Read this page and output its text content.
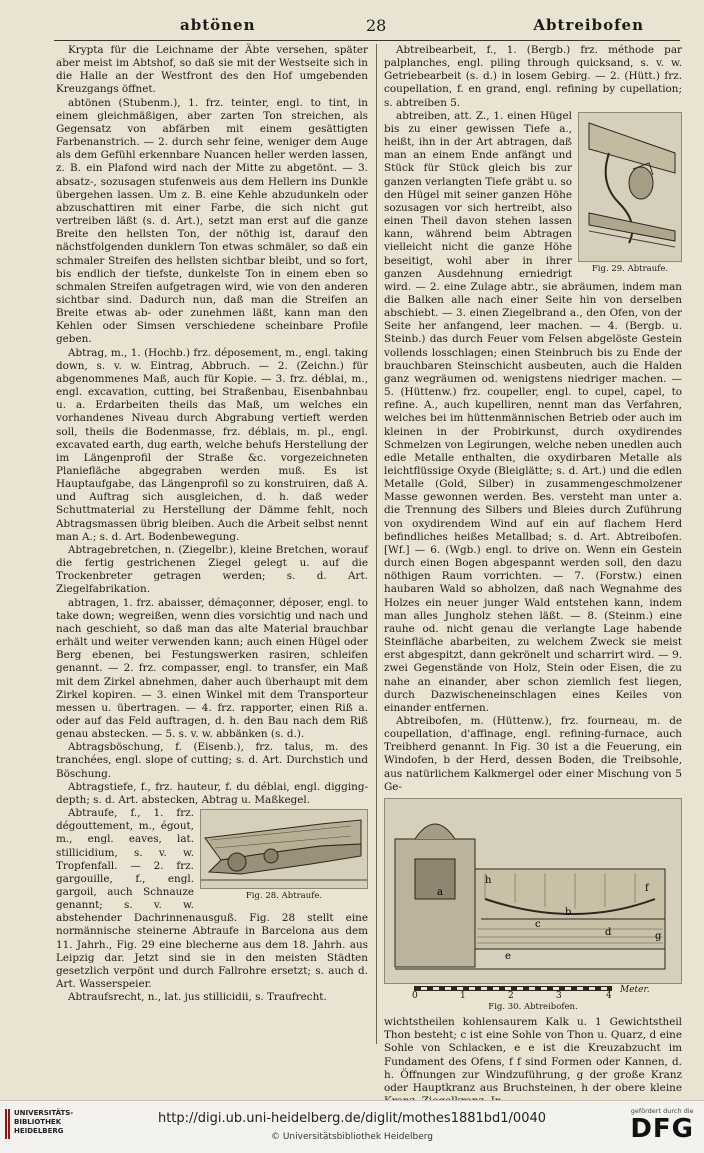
abtönen	28	Abtreibofen

Krypta für die Leichname der Äbte versehen, später aber meist im Abtshof, so daß sie mit der Westseite sich in die Halle an der Westfront des den Hof umgebenden Kreuzgangs öffnet.

abtönen (Stubenm.), 1. frz. teinter, engl. to tint, in einem gleichmäßigen, aber zarten Ton streichen, als Gegensatz von abfärben mit einem gesättigten Farbenanstrich. — 2. durch sehr feine, weniger dem Auge als dem Gefühl erkennbare Nuancen heller werden lassen, z. B. ein Plafond wird nach der Mitte zu abgetönt. — 3. absatz-, sozusagen stufenweis aus dem Hellern ins Dunkle übergehen lassen. Um z. B. eine Kehle abzudunkeln oder abzuschattiren mit einer Farbe, die sich nicht gut vertreiben läßt (s. d. Art.), setzt man erst auf die ganze Breite den hellsten Ton, der nöthig ist, darauf den nächstfolgenden dunklern Ton etwas schmäler, so daß ein schmaler Streifen des hellsten sichtbar bleibt, und so fort, bis endlich der tiefste, dunkelste Ton in einem eben so schmalen Streifen aufgetragen wird, wie von den anderen sichtbar sind. Dadurch nun, daß man die Streifen an Breite etwas ab- oder zunehmen läßt, kann man den Kehlen oder Simsen verschiedene scheinbare Profile geben.

Abtrag, m., 1. (Hochb.) frz. déposement, m., engl. taking down, s. v. w. Eintrag, Abbruch. — 2. (Zeichn.) für abgenommenes Maß, auch für Kopie. — 3. frz. déblai, m., engl. excavation, cutting, bei Straßenbau, Eisenbahnbau u. a. Erdarbeiten theils das Maß, um welches ein vorhandenes Niveau durch Abgrabung vertieft werden soll, theils die Bodenmasse, frz. déblais, m. pl., engl. excavated earth, dug earth, welche behufs Herstellung der im Längenprofil der Straße &c. vorgezeichneten Planiefläche abgegraben werden muß. Es ist Hauptaufgabe, das Längenprofil so zu konstruiren, daß A. und Auftrag sich ausgleichen, d. h. daß weder Schuttmaterial zu Herstellung der Dämme fehlt, noch Abtragsmassen übrig bleiben. Auch die Arbeit selbst nennt man A.; s. d. Art. Bodenbewegung.

Abtragebretchen, n. (Ziegelbr.), kleine Bretchen, worauf die fertig gestrichenen Ziegel gelegt u. auf die Trockenbreter getragen werden; s. d. Art. Ziegelfabrikation.

abtragen, 1. frz. abaisser, démaçonner, déposer, engl. to take down; wegreißen, wenn dies vorsichtig und nach und nach geschieht, so daß man das alte Material brauchbar erhält und weiter verwenden kann; auch einen Hügel oder Berg ebenen, bei Festungswerken rasiren, schleifen genannt. — 2. frz. compasser, engl. to transfer, ein Maß mit dem Zirkel abnehmen, daher auch überhaupt mit dem Zirkel kopiren. — 3. einen Winkel mit dem Transporteur messen u. übertragen. — 4. frz. rapporter, einen Riß a. oder auf das Feld auftragen, d. h. den Bau nach dem Riß genau abstecken. — 5. s. v. w. abbänken (s. d.).

Abtragsböschung, f. (Eisenb.), frz. talus, m. des tranchées, engl. slope of cutting; s. d. Art. Durchstich und Böschung.

Abtragstiefe, f., frz. hauteur, f. du déblai, engl. digging-depth; s. d. Art. abstecken, Abtrag u. Maßkegel.

Fig. 28. Abtraufe.

Abtraufe, f., 1. frz. dégouttement, m., égout, m., engl. eaves, lat. stillicidium, s. v. w. Tropfenfall. — 2. frz. gargouille, f., engl. gargoil, auch Schnauze genannt; s. v. w. abstehender Dachrinnenausguß. Fig. 28 stellt eine normännische steinerne Abtraufe in Barcelona aus dem 11. Jahrh., Fig. 29 eine blecherne aus dem 18. Jahrh. aus Leipzig dar. Jetzt sind sie in den meisten Städten gesetzlich verpönt und durch Fallrohre ersetzt; s. auch d. Art. Wasserspeier.

Abtraufsrecht, n., lat. jus stillicidii, s. Traufrecht.

Abtreibearbeit, f., 1. (Bergb.) frz. méthode par palplanches, engl. piling through quicksand, s. v. w. Getriebearbeit (s. d.) in losem Gebirg. — 2. (Hütt.) frz. coupellation, f. en grand, engl. refining by cupellation; s. abtreiben 5.

Fig. 29. Abtraufe.

abtreiben, att. Z., 1. einen Hügel bis zu einer gewissen Tiefe a., heißt, ihn in der Art abtragen, daß man an einem Ende anfängt und Stück für Stück gleich bis zur ganzen verlangten Tiefe gräbt u. so den Hügel mit seiner ganzen Höhe sozusagen vor sich hertreibt, also einen Theil davon stehen lassen kann, während beim Abtragen vielleicht nicht die ganze Höhe beseitigt, wohl aber in ihrer ganzen Ausdehnung erniedrigt wird. — 2. eine Zulage abtr., sie abräumen, indem man die Balken alle nach einer Seite hin von derselben abschiebt. — 3. einen Ziegelbrand a., den Ofen, von der Seite her anfangend, leer machen. — 4. (Bergb. u. Steinb.) das durch Feuer vom Felsen abgelöste Gestein vollends losschlagen; einen Steinbruch bis zu Ende der brauchbaren Steinschicht ausbeuten, auch die Halden ganz wegräumen od. wenigstens niedriger machen. — 5. (Hüttenw.) frz. coupeller, engl. to cupel, capel, to refine. A., auch kupelliren, nennt man das Verfahren, welches bei im hüttenmännischen Betrieb oder auch im kleinen in der Probirkunst, durch oxydirendes Schmelzen von Legirungen, welche neben unedlen auch edle Metalle enthalten, die oxydirbaren Metalle als leichtflüssige Oxyde (Bleiglätte; s. d. Art.) und die edlen Metalle (Gold, Silber) in zusammengeschmolzener Masse gewonnen werden. Bes. versteht man unter a. die Trennung des Silbers und Bleies durch Zuführung von oxydirendem Wind auf ein auf flachem Herd befindliches heißes Metallbad; s. d. Art. Abtreibofen. [Wf.] — 6. (Wgb.) engl. to drive on. Wenn ein Gestein durch einen Bogen abgespannt werden soll, den dazu nöthigen Raum vorrichten. — 7. (Forstw.) einen haubaren Wald so abholzen, daß nach Wegnahme des Holzes ein neuer junger Wald entstehen kann, indem man alles Jungholz stehen läßt. — 8. (Steinm.) eine rauhe od. nicht genau die verlangte Lage habende Steinfläche abarbeiten, zu welchem Zweck sie meist erst abgespitzt, dann gekrönelt und scharrirt wird. — 9. zwei Gegenstände von Holz, Stein oder Eisen, die zu nahe an einander, aber schon ziemlich fest liegen, durch Dazwischeneinschlagen eines Keiles von einander entfernen.

Abtreibofen, m. (Hüttenw.), frz. fourneau, m. de coupellation, d'affinage, engl. refining-furnace, auch Treibherd genannt. In Fig. 30 ist a die Feuerung, ein Windofen, b der Herd, dessen Boden, die Treibsohle, aus natürlichem Kalkmergel oder einer Mischung von 5 Ge-

a
b
c
d
e
f
g
h
0	1	2	3	4
Meter.
Fig. 30. Abtreibofen.

wichtstheilen kohlensaurem Kalk u. 1 Gewichtstheil Thon besteht; c ist eine Sohle von Thon u. Quarz, d eine Sohle von Schlacken, e e ist die Kreuzabzucht im Fundament des Ofens, f f sind Formen oder Kannen, d. h. Öffnungen zur Windzuführung, g der große Kranz oder Hauptkranz aus Bruchsteinen, h der obere kleine

UNIVERSITÄTS-
BIBLIOTHEK
HEIDELBERG
http://digi.ub.uni-heidelberg.de/diglit/mothes1881bd1/0040
© Universitätsbibliothek Heidelberg
gefördert durch die
DFG
